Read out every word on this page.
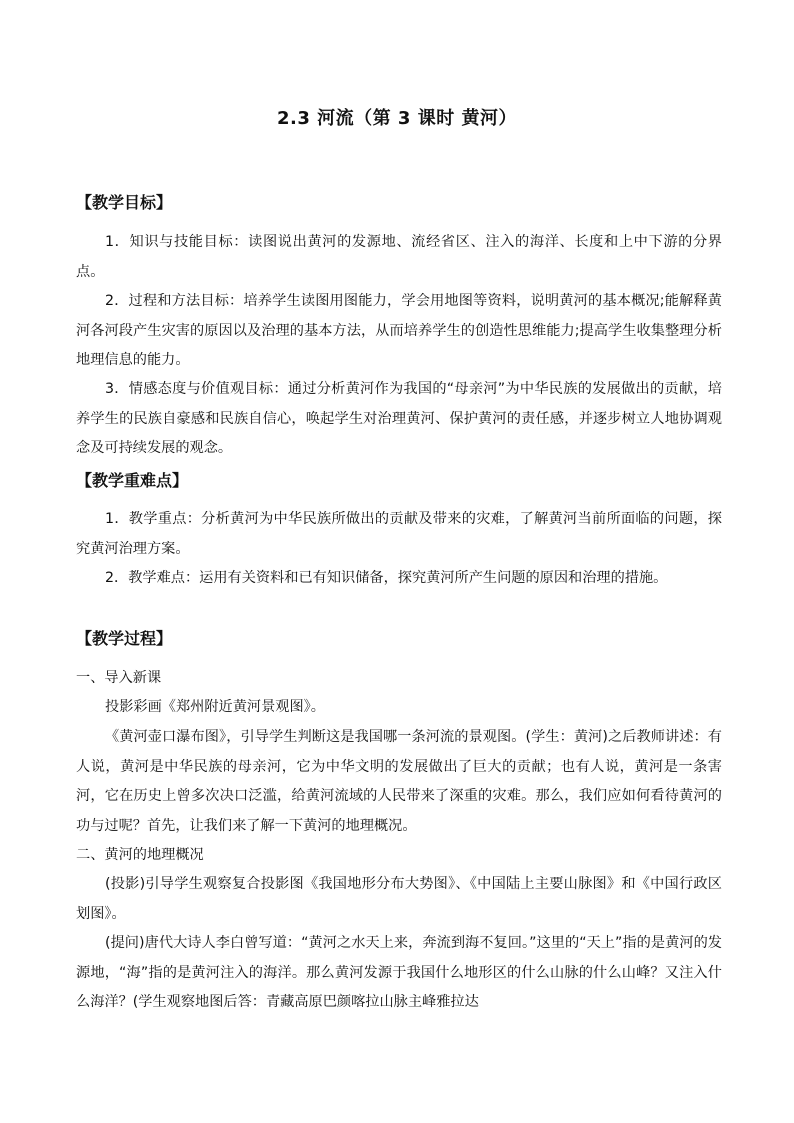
2.3 河流（第 3 课时 黄河）
【教学目标】

1．知识与技能目标：读图说出黄河的发源地、流经省区、注入的海洋、长度和上中下游的分界点。

2．过程和方法目标：培养学生读图用图能力，学会用地图等资料，说明黄河的基本概况;能解释黄河各河段产生灾害的原因以及治理的基本方法，从而培养学生的创造性思维能力;提高学生收集整理分析地理信息的能力。

3．情感态度与价值观目标：通过分析黄河作为我国的“母亲河”为中华民族的发展做出的贡献，培养学生的民族自豪感和民族自信心，唤起学生对治理黄河、保护黄河的责任感，并逐步树立人地协调观念及可持续发展的观念。

【教学重难点】

1．教学重点：分析黄河为中华民族所做出的贡献及带来的灾难，了解黄河当前所面临的问题，探究黄河治理方案。

2．教学难点：运用有关资料和已有知识储备，探究黄河所产生问题的原因和治理的措施。

【教学过程】
一、导入新课
投影彩画《郑州附近黄河景观图》。

《黄河壶口瀑布图》，引导学生判断这是我国哪一条河流的景观图。(学生：黄河)之后教师讲述：有人说，黄河是中华民族的母亲河，它为中华文明的发展做出了巨大的贡献；也有人说，黄河是一条害河，它在历史上曾多次决口泛滥，给黄河流域的人民带来了深重的灾难。那么，我们应如何看待黄河的功与过呢？首先，让我们来了解一下黄河的地理概况。

二、黄河的地理概况

(投影)引导学生观察复合投影图《我国地形分布大势图》、《中国陆上主要山脉图》和《中国行政区划图》。

(提问)唐代大诗人李白曾写道：“黄河之水天上来，奔流到海不复回。”这里的“天上”指的是黄河的发源地，“海”指的是黄河注入的海洋。那么黄河发源于我国什么地形区的什么山脉的什么山峰？又注入什么海洋？(学生观察地图后答：青藏高原巴颜喀拉山脉主峰雅拉达
